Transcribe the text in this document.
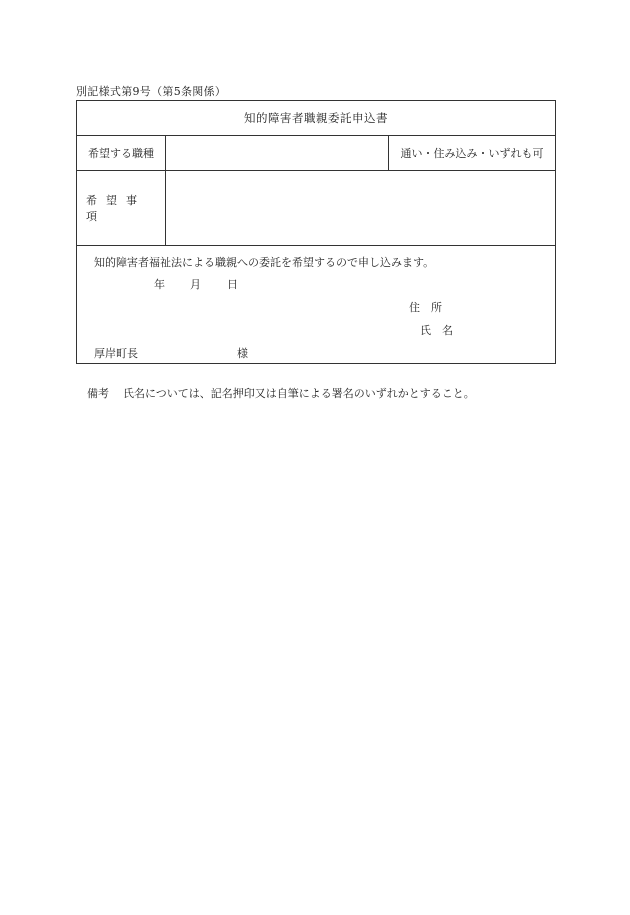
別記様式第9号（第5条関係）
知的障害者職親委託申込書
希望する職種	通い・住み込み・いずれも可
希望事項
知的障害者福祉法による職親への委託を希望するので申し込みます。
年 月 日
住　所
氏　名
厚岸町長	様
備考 氏名については、記名押印又は自筆による署名のいずれかとすること。
